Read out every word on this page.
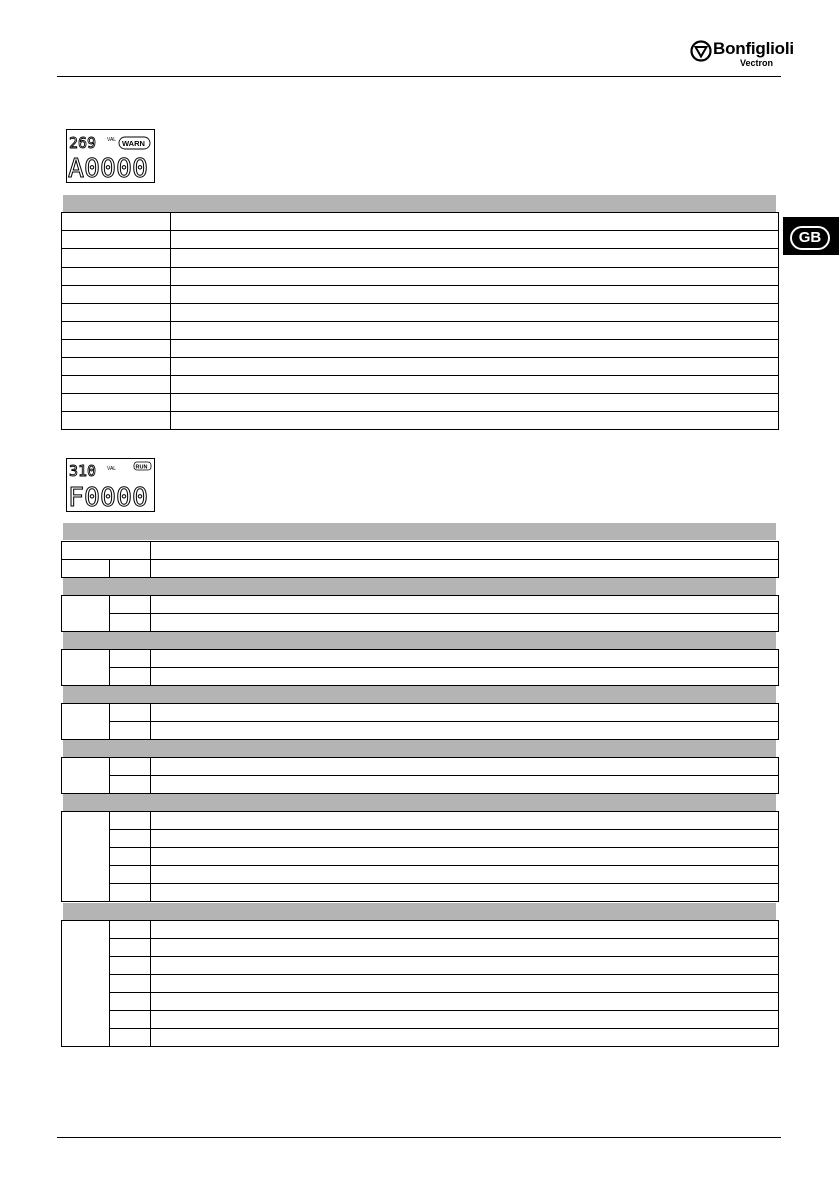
Bonfiglioli
Vectron
GB
269 VAL WARN
A0000

310 VAL	RUN
F0000
